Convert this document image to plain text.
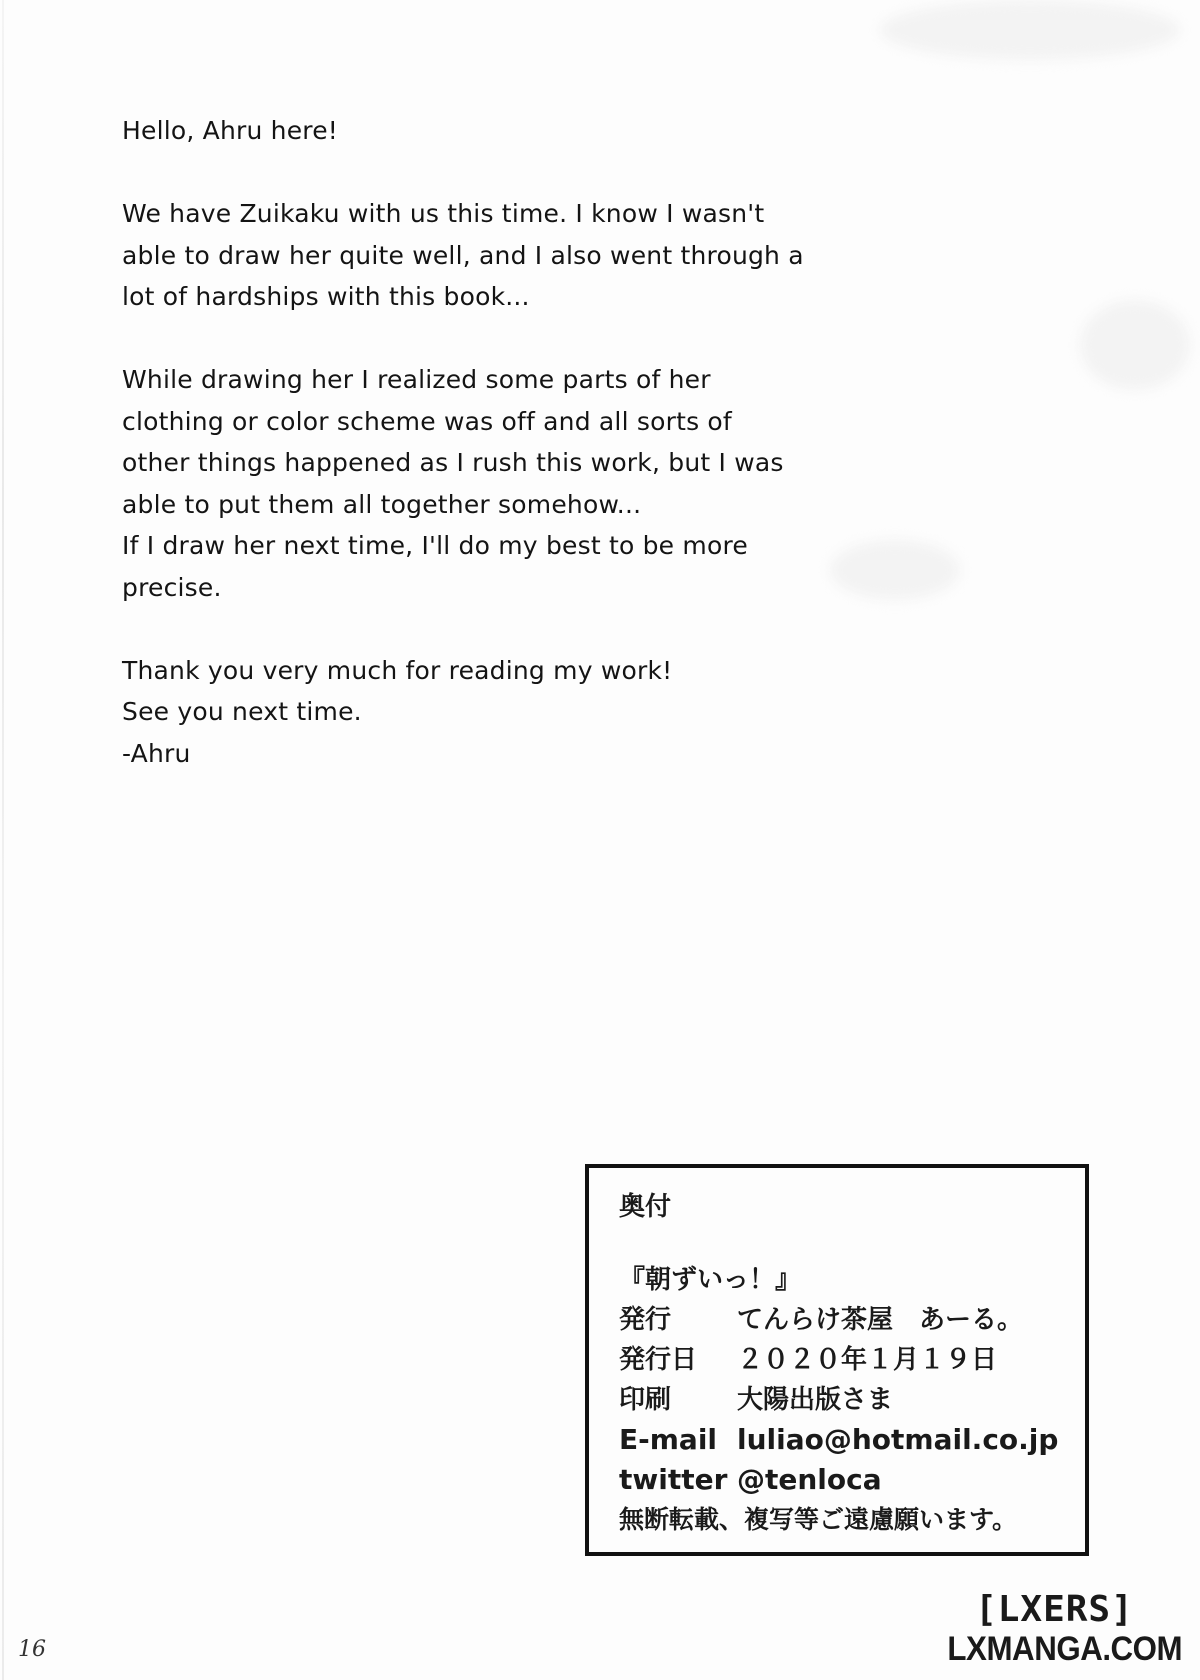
Hello, Ahru here!
We have Zuikaku with us this time. I know I wasn't
able to draw her quite well, and I also went through a
lot of hardships with this book...
While drawing her I realized some parts of her
clothing or color scheme was off and all sorts of
other things happened as I rush this work, but I was
able to put them all together somehow...
If I draw her next time, I'll do my best to be more
precise.
Thank you very much for reading my work!
See you next time.
-Ahru
奥付
『朝ずいっ！』
発行	てんらけ茶屋　あーる。
発行日 ２０２０年１月１９日
印刷	大陽出版さま
E-mail luliao@hotmail.co.jp
twitter @tenloca
無断転載、複写等ご遠慮願います。
16
[LXERS]
LXMANGA.COM
